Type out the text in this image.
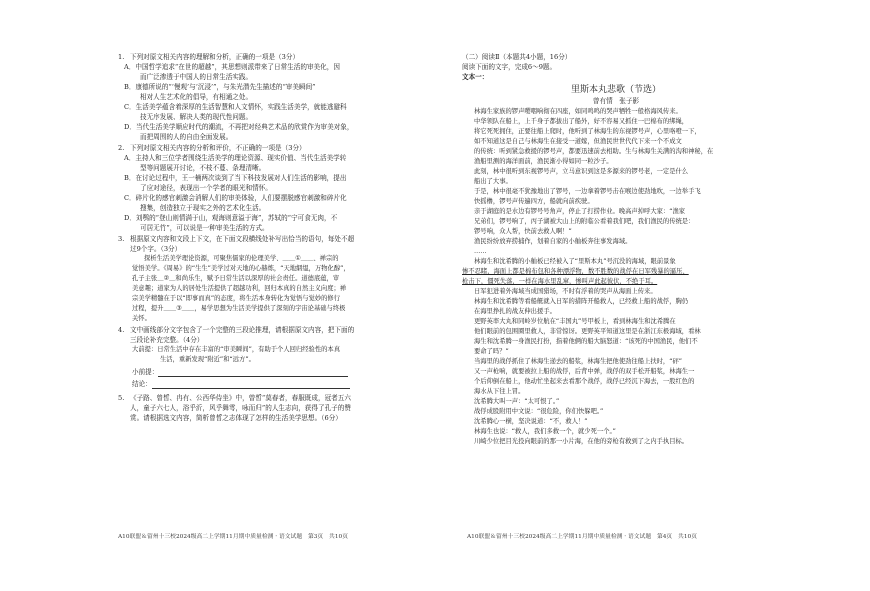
1. 下列对原文相关内容的理解和分析，正确的一项是（3分）

A．中国哲学追求“在世的超越”，其思想则派带来了日常生活的审美化，因

而广泛渗透于中国人的日常生活实践。

B．康德所说的“‘慢观’与‘沉浸’”，与朱光潜先生描述的“审美瞬间”

相对人生艺术化的倡导，有相通之处。

C．生活美学蕴含着深厚的生活智慧和人文情怀，实践生活美学，就能逃避科

技无序发展、解决人类的现代性问题。

D．当代生活美学顺应时代的潮流，不再把对经典艺术品的欣赏作为审美对象，

而把周围的人的自由全面发展。

2. 下列对原文相关内容的分析和评价，不正确的一项是（3分）

A．主持人和三位学者围绕生活美学的理论资源、现实价值、当代生活美学转

型等问题展开讨论，不枝不蔓、条理清晰。

B．在讨论过程中，王一楠两次谈到了当下科技发展对人们生活的影响，提出

了应对途径，表现出一个学者的眼光和情怀。

C．碎片化的感官刺激会消解人们的审美体验，人们要摆脱感官刺激和碎片化

搜集，创造独立于现实之外的艺术化生活。

D．刘鹗的“登山则情满于山，观海则意溢于海”，苏轼的“宁可食无肉，不

可居无竹”，可以说是一种审美生活的方式。

3. 根据原文内容和文段上下文，在下面文段横线处补写出恰当的语句，每处不超

过9个字。（3分）

探析生活美学理论资源，可聚焦儒家的伦理美学、＿＿①＿＿、禅宗的

觉悟美学。《周易》的“生生”美学过对天地的心赫炼，“天地絪缊，万物化醇”，

孔子主张＿②＿和尚乐生，赋予日常生活以深厚的社会责任。道德底蕴，审

美意趣；道家为人的居处生活提供了超越功利，回归本真的自然主义向度；禅

宗美学精髓在于以“即事而真”的态度，将生活本身转化为觉悟与觉妙的修行

过程，提升＿＿③＿＿，易学思想为生活美学提供了深刻的宇宙论基础与终极

关怀。

4. 文中画线部分文字包含了一个完整的三段论推理，请根据原文内容，把下面的

三段论补充完整。（4分）

大前提：日常生活中存在丰富的“审美瞬间”，有助于个人回归经验性的本真

生活，重新发现“附近”和“远方”。

小前提：

结论：

5. 《子路、曾皙、冉有、公西华侍坐》中，曾皙“莫春者，春服既成，冠者五六

人，童子六七人，浴乎沂，风乎舞雩，咏而归”的人生志向，获得了孔子的赞

赏。请根据选文内容，简析曾皙之志体现了怎样的生活美学思想。（6分）

A10联盟＆留州十三校2024级高二上学期11月期中质量检测 · 语文试题　第3页　共10页

（二）阅读Ⅱ（本题共4小题，16分）

阅读下面的文字，完成6～9题。

文本一：

里斯本丸悲歌（节选）

曾有情　张子影

林海生家族的锣声嘤咽响彻在四座，如同鸣鸣的哭声牺牲一般格海风传来。

中华领队在船上，上千身子都拔出了船外，好不容易又抓住一巴棉布的绑绳，

将它死死拥住，正要往船上爬时，他听到了林海生的东视锣号声，心里咯噔一下，

如不知道这是自己与林海生在接受一道嫁，但渔民世世代代下来一个不成文

的传统：听到紧急救援的锣号声，都要迅速前去相助。生与林海生关满的沟和神秘，在

渔船里测的海洋面前，渔民渐小得如同一粒沙子。

此刻，林中很听到东视锣号声，立马意识到这是多源来的锣号老，一定是什么

船出了大事。

于是，林中很毫不犹豫地出了锣号，一边拿着锣号击在喉边使劲地吹，一边举手飞

快摇橹，锣号声传遍四方，船就向前疾驶。

亲于湖庭的是水边有锣号号角声，停止了打捞作业。晚高声掉呼大家：“渔家

兄弟们，锣号响了，丙子湖被大山上的附临公看着我们吧，我们渔民的传统是：

锣号响，众人帮，快前去救人啊！”

渔民纷纷放弃捞捕作，划着自家的小舢板奔往事发海域。

……

林海生和沈希腾的小舢板已经被入了“里斯本丸”号沉没的海域，眼前景象

惨不忍睹，海面上都是棉布包和各种漂浮物，数不胜数的战俘在日军残暴的逼压、

枪击下，僵死失落，一样在海水里乱窜，惨叫声此起彼伏，不绝于耳。

日军犯进着外海域当成国猎场，不时有浮着的哭声从海面上传来。

林海生和沈希腾等看船艇就入日军的措阵开船救人，已经救上船的战俘，胸仍

在海里挣扎的战友伸出援手。

更野英率大丸和同岭岁位航在“丰国丸”号甲板上，看到林海生和沈希腾在

他们眼前的包围圈里救人，非常惊讶。更野英平知道这里是在浙江东极海域，看林

海生和沈希腾一身渔民打扮，指着他俩的船大脑怒道：“该死的中国渔民，他们不

要命了吗？”

当海里的战俘抓住了林海生递去的船浆，林海生把他使劲往船上扶时，“砰”

又一声枪响，就要被拉上船的战俘，后背中弹，战俘的双手松开船浆，林海生一

个后仰倒在船上，他动忙坐起来去看那个战俘，战俘已经沉下海去，一股红色的

海水从下往上冒。

沈希腾大叫一声：“太可恨了。”

战俘成股附用中文说：“很危险，你们快躲吧。”

沈希腾心一横，坚决说道：“不，救人！”

林海生也说：“救人，我们多救一个，就少死一个。”

川崎少位把目光投向眼前的那一小片海，在他的旁枪有救到了之内手执目标。

A10联盟＆留州十三校2024级高二上学期11月期中质量检测 · 语文试题　第4页　共10页
